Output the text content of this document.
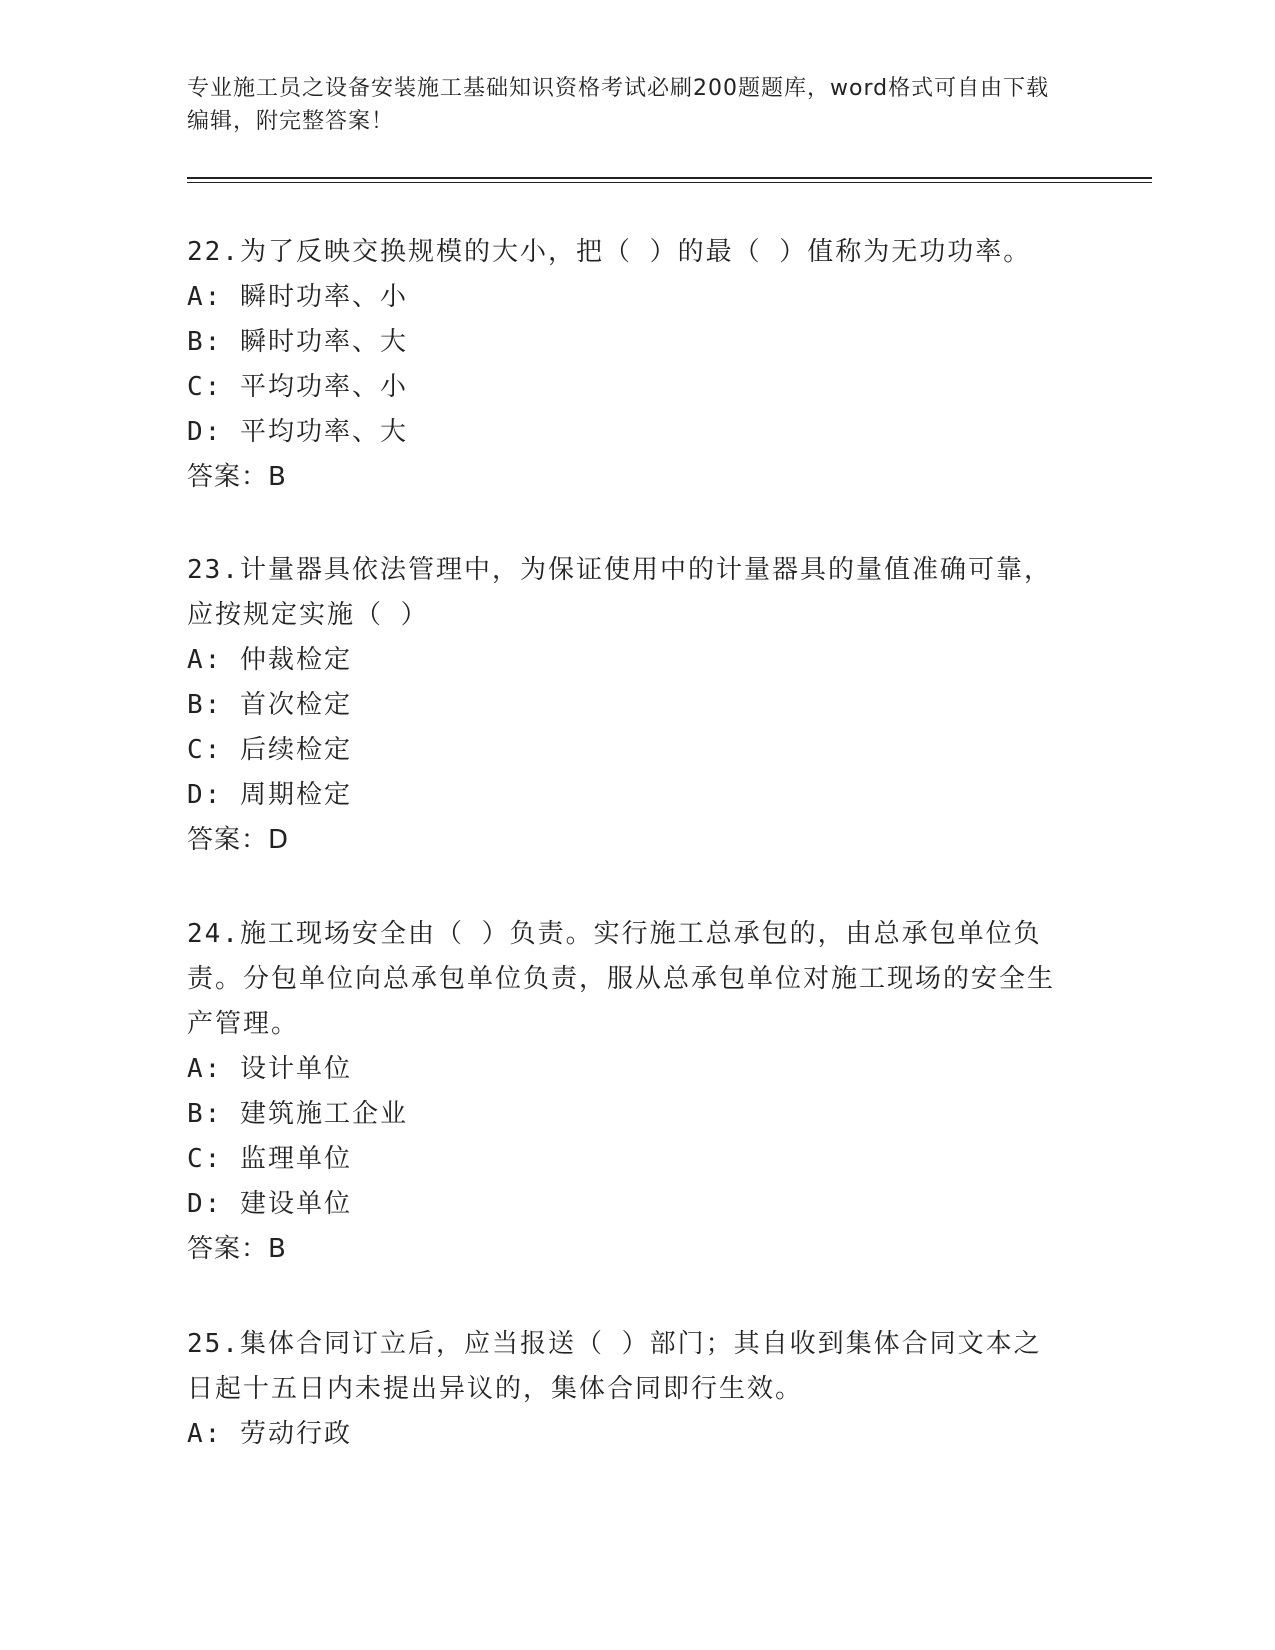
专业施工员之设备安装施工基础知识资格考试必刷200题题库，word格式可自由下载编辑，附完整答案！

22.为了反映交换规模的大小，把（ ）的最（ ）值称为无功功率。

A: 瞬时功率、小

B: 瞬时功率、大

C: 平均功率、小

D: 平均功率、大

答案：B

23.计量器具依法管理中，为保证使用中的计量器具的量值准确可靠，应按规定实施（ ）

A: 仲裁检定

B: 首次检定

C: 后续检定

D: 周期检定

答案：D

24.施工现场安全由（ ）负责。实行施工总承包的，由总承包单位负责。分包单位向总承包单位负责，服从总承包单位对施工现场的安全生产管理。

A: 设计单位

B: 建筑施工企业

C: 监理单位

D: 建设单位

答案：B

25.集体合同订立后，应当报送（ ）部门；其自收到集体合同文本之日起十五日内未提出异议的，集体合同即行生效。

A: 劳动行政
